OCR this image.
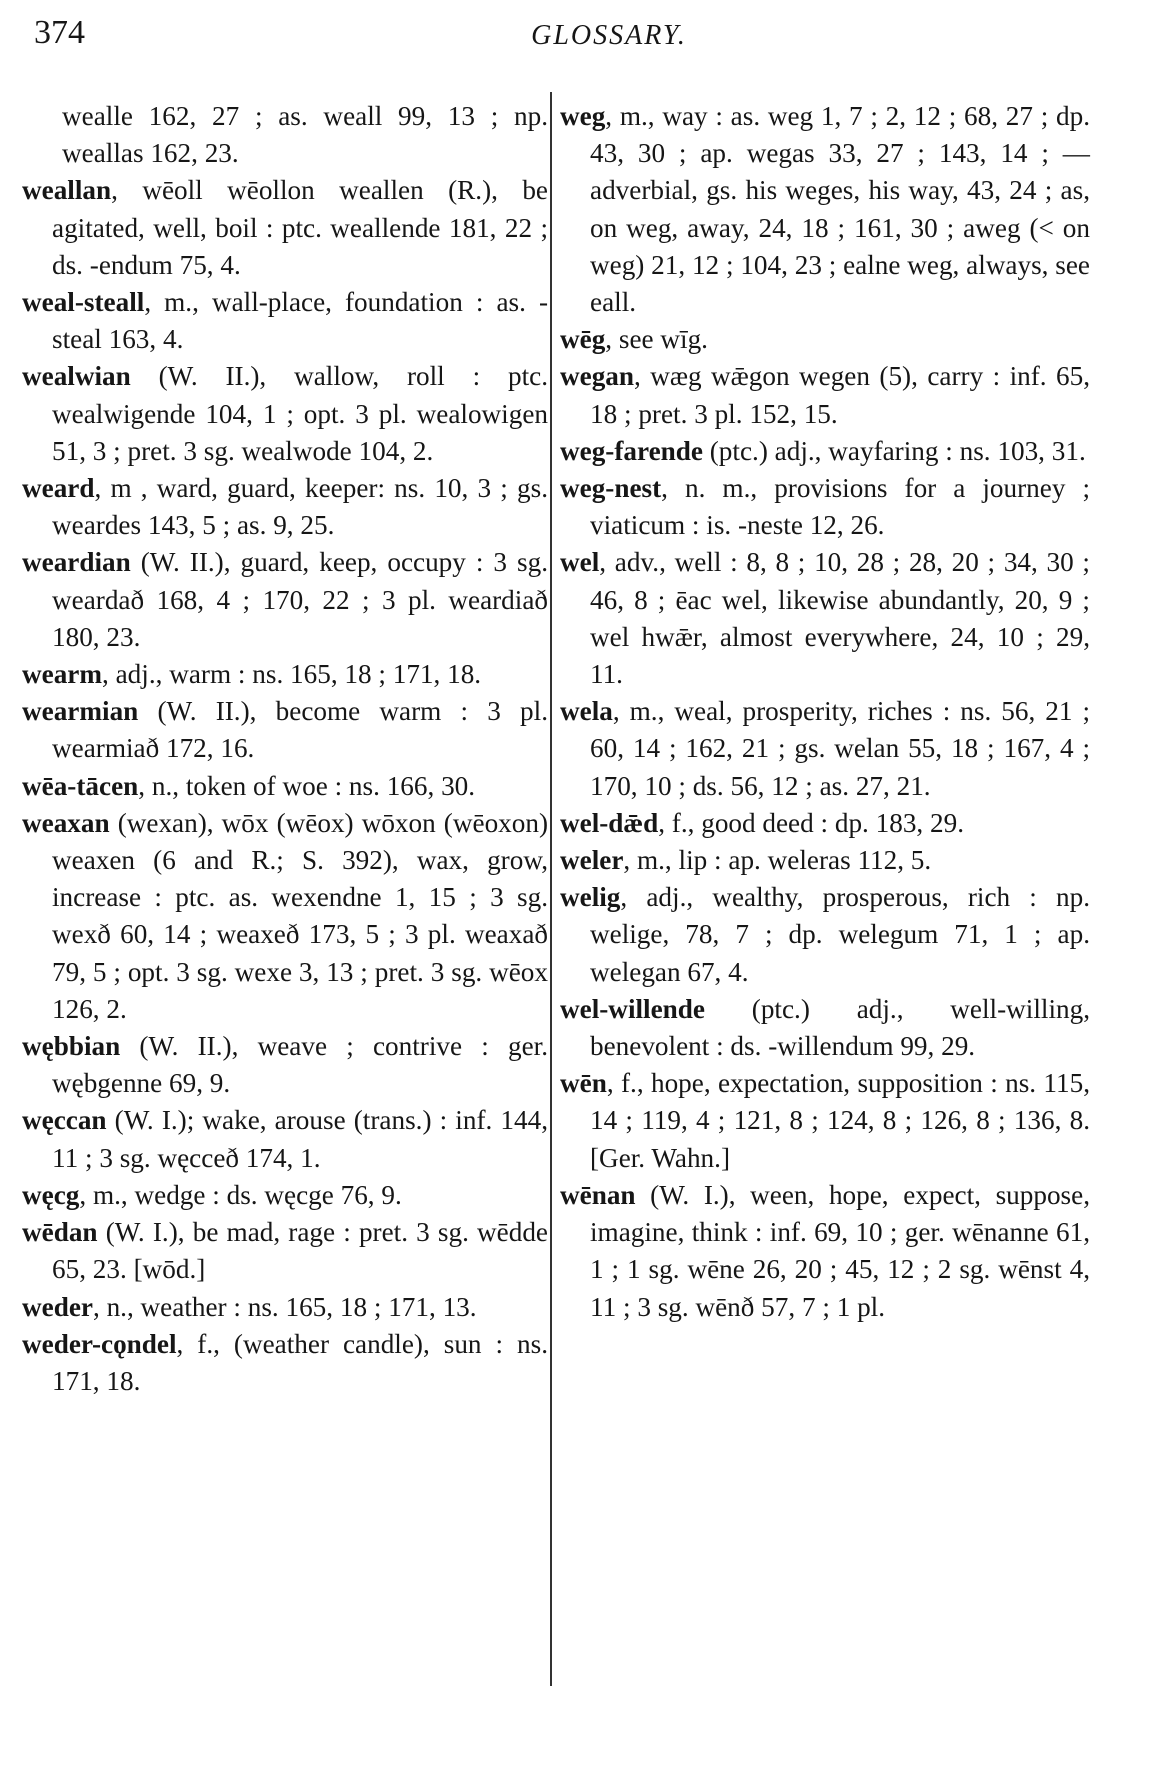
374	GLOSSARY.

wealle 162, 27 ; as. weall 99, 13 ; np. weallas 162, 23.

weallan, wēoll wēollon weallen (R.), be agitated, well, boil : ptc. weallende 181, 22 ; ds. -endum 75, 4.

weal-steall, m., wall-place, foundation : as. -steal 163, 4.

wealwian (W. II.), wallow, roll : ptc. wealwigende 104, 1 ; opt. 3 pl. wealowigen 51, 3 ; pret. 3 sg. wealwode 104, 2.

weard, m , ward, guard, keeper: ns. 10, 3 ; gs. weardes 143, 5 ; as. 9, 25.

weardian (W. II.), guard, keep, occupy : 3 sg. weardað 168, 4 ; 170, 22 ; 3 pl. weardiað 180, 23.

wearm, adj., warm : ns. 165, 18 ; 171, 18.

wearmian (W. II.), become warm : 3 pl. wearmiað 172, 16.

wēa-tācen, n., token of woe : ns. 166, 30.

weaxan (wexan), wōx (wēox) wōxon (wēoxon) weaxen (6 and R.; S. 392), wax, grow, increase : ptc. as. wexendne 1, 15 ; 3 sg. wexð 60, 14 ; weaxeð 173, 5 ; 3 pl. weaxað 79, 5 ; opt. 3 sg. wexe 3, 13 ; pret. 3 sg. wēox 126, 2.

wębbian (W. II.), weave ; contrive : ger. wębgenne 69, 9.

węccan (W. I.); wake, arouse (trans.) : inf. 144, 11 ; 3 sg. węcceð 174, 1.

węcg, m., wedge : ds. węcge 76, 9.

wēdan (W. I.), be mad, rage : pret. 3 sg. wēdde 65, 23. [wōd.]

weder, n., weather : ns. 165, 18 ; 171, 13.

weder-cǫndel, f., (weather candle), sun : ns. 171, 18.

weg, m., way : as. weg 1, 7 ; 2, 12 ; 68, 27 ; dp. 43, 30 ; ap. wegas 33, 27 ; 143, 14 ; — adverbial, gs. his weges, his way, 43, 24 ; as, on weg, away, 24, 18 ; 161, 30 ; aweg (< on weg) 21, 12 ; 104, 23 ; ealne weg, always, see eall.

wēg, see wīg.

wegan, wæg wǣgon wegen (5), carry : inf. 65, 18 ; pret. 3 pl. 152, 15.

weg-farende (ptc.) adj., wayfaring : ns. 103, 31.

weg-nest, n. m., provisions for a journey ; viaticum : is. -neste 12, 26.

wel, adv., well : 8, 8 ; 10, 28 ; 28, 20 ; 34, 30 ; 46, 8 ; ēac wel, likewise abundantly, 20, 9 ; wel hwǣr, almost everywhere, 24, 10 ; 29, 11.

wela, m., weal, prosperity, riches : ns. 56, 21 ; 60, 14 ; 162, 21 ; gs. welan 55, 18 ; 167, 4 ; 170, 10 ; ds. 56, 12 ; as. 27, 21.

wel-dǣd, f., good deed : dp. 183, 29.

weler, m., lip : ap. weleras 112, 5.

welig, adj., wealthy, prosperous, rich : np. welige, 78, 7 ; dp. welegum 71, 1 ; ap. welegan 67, 4.

wel-willende (ptc.) adj., well-willing, benevolent : ds. -willendum 99, 29.

wēn, f., hope, expectation, supposition : ns. 115, 14 ; 119, 4 ; 121, 8 ; 124, 8 ; 126, 8 ; 136, 8. [Ger. Wahn.]

wēnan (W. I.), ween, hope, expect, suppose, imagine, think : inf. 69, 10 ; ger. wēnanne 61, 1 ; 1 sg. wēne 26, 20 ; 45, 12 ; 2 sg. wēnst 4, 11 ; 3 sg. wēnð 57, 7 ; 1 pl.
